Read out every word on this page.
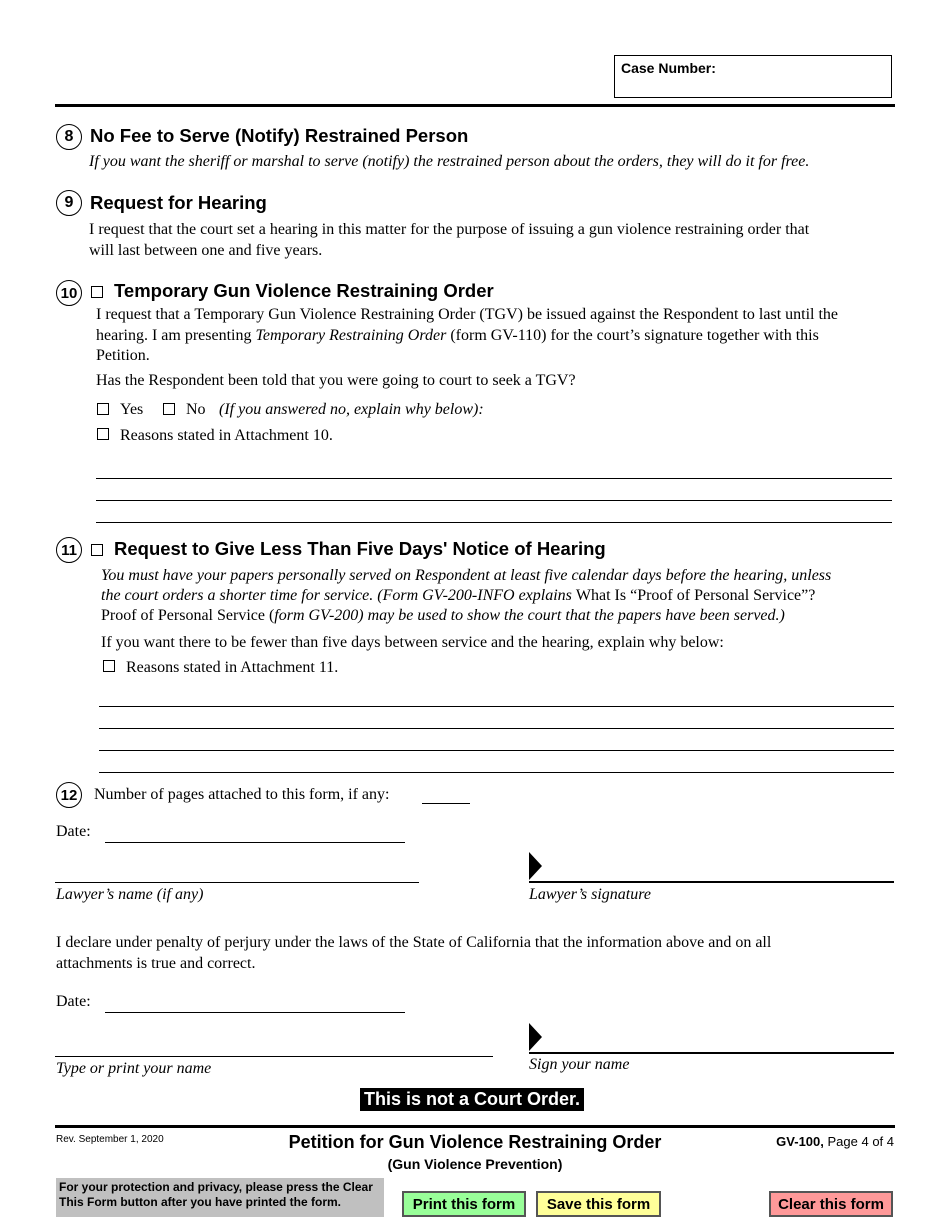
Case Number:
8 No Fee to Serve (Notify) Restrained Person
If you want the sheriff or marshal to serve (notify) the restrained person about the orders, they will do it for free.
9 Request for Hearing
I request that the court set a hearing in this matter for the purpose of issuing a gun violence restraining order that
will last between one and five years.
10 Temporary Gun Violence Restraining Order
I request that a Temporary Gun Violence Restraining Order (TGV) be issued against the Respondent to last until the
hearing. I am presenting Temporary Restraining Order (form GV-110) for the court’s signature together with this
Petition.
Has the Respondent been told that you were going to court to seek a TGV?
Yes	No (If you answered no, explain why below):
Reasons stated in Attachment 10.
11 Request to Give Less Than Five Days' Notice of Hearing
You must have your papers personally served on Respondent at least five calendar days before the hearing, unless
the court orders a shorter time for service. (Form GV-200-INFO explains What Is “Proof of Personal Service”?
Proof of Personal Service (form GV-200) may be used to show the court that the papers have been served.)
If you want there to be fewer than five days between service and the hearing, explain why below:
Reasons stated in Attachment 11.
12 Number of pages attached to this form, if any:
Date:
Lawyer’s name (if any)	Lawyer’s signature
I declare under penalty of perjury under the laws of the State of California that the information above and on all
attachments is true and correct.
Date:
Type or print your name	Sign your name
This is not a Court Order.
Rev. September 1, 2020	Petition for Gun Violence Restraining Order
(Gun Violence Prevention)
GV-100, Page 4 of 4
For your protection and privacy, please press the Clear
This Form button after you have printed the form.	Print this form	Save this form	Clear this form
